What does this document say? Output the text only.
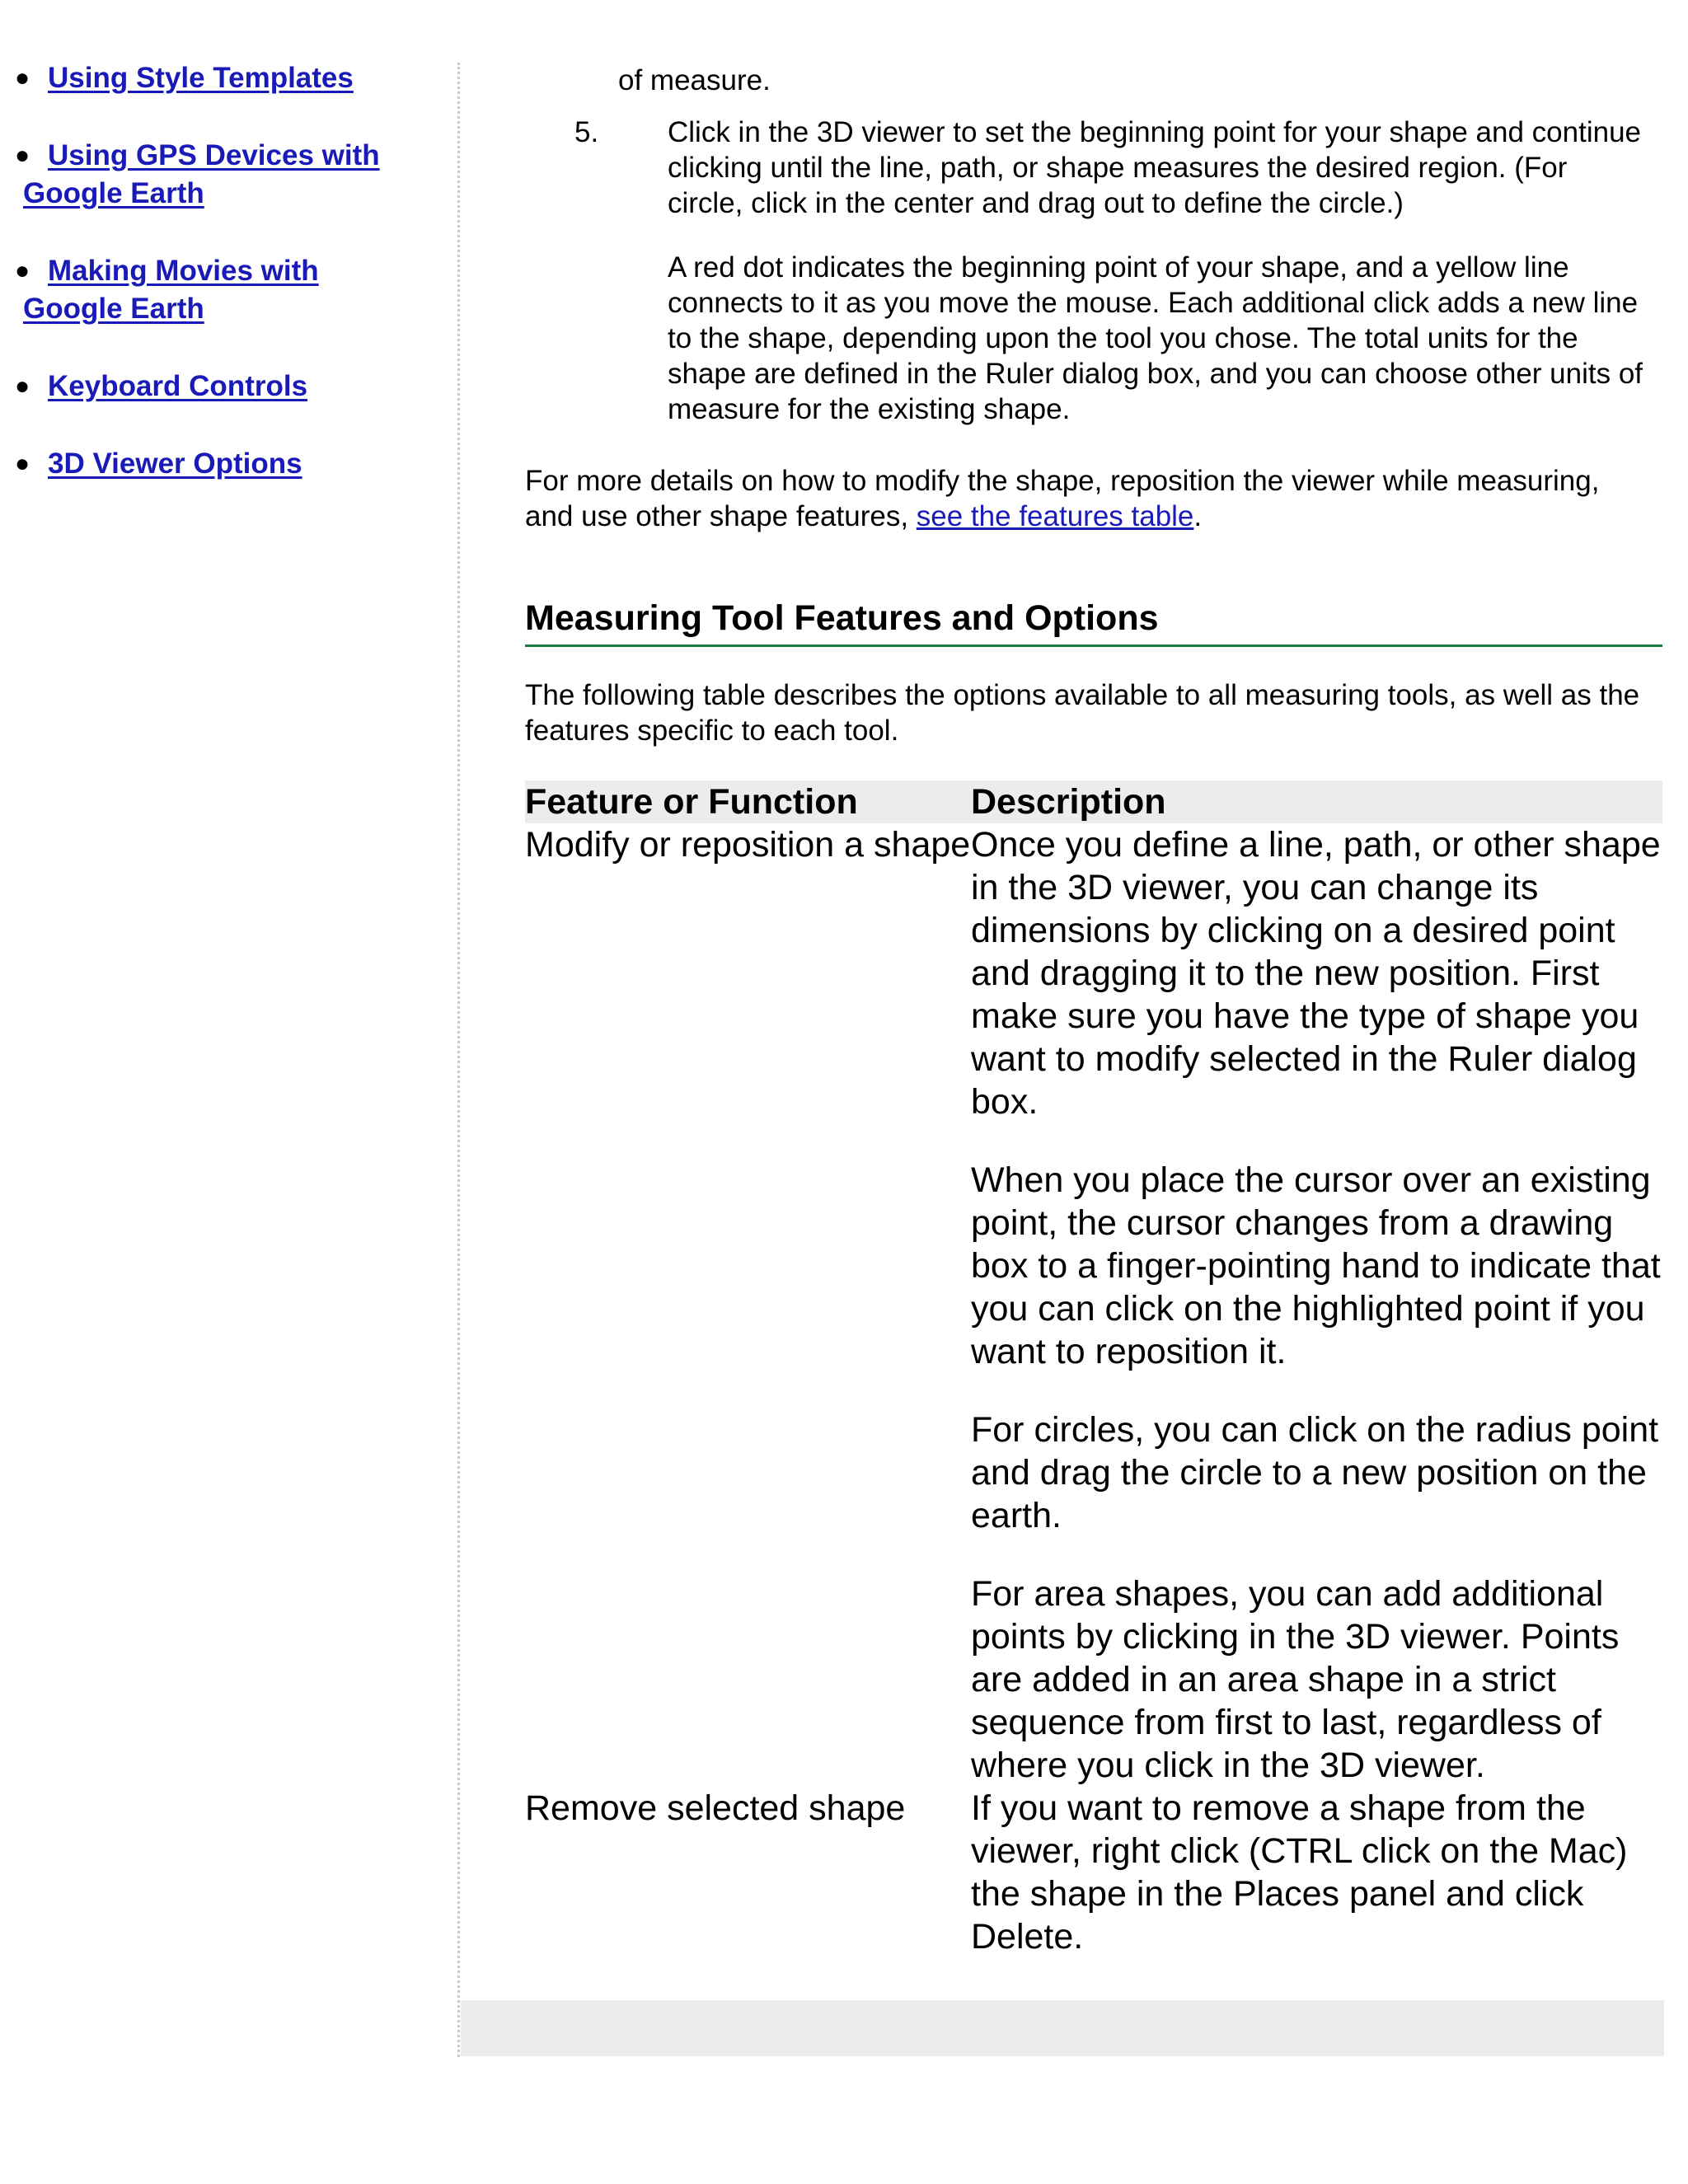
● Using Style Templates
● Using GPS Devices with
Google Earth
● Making Movies with
Google Earth
● Keyboard Controls
● 3D Viewer Options
of measure.
5. Click in the 3D viewer to set the beginning point for your shape and continue clicking until the line, path, or shape measures the desired region. (For circle, click in the center and drag out to define the circle.)

A red dot indicates the beginning point of your shape, and a yellow line connects to it as you move the mouse. Each additional click adds a new line to the shape, depending upon the tool you chose. The total units for the shape are defined in the Ruler dialog box, and you can choose other units of measure for the existing shape.

For more details on how to modify the shape, reposition the viewer while measuring, and use other shape features, see the features table.
Measuring Tool Features and Options
The following table describes the options available to all measuring tools, as well as the features specific to each tool.
Feature or Function	Description
Modify or reposition a shape	Once you define a line, path, or other shape in the 3D viewer, you can change its dimensions by clicking on a desired point and dragging it to the new position. First make sure you have the type of shape you want to modify selected in the Ruler dialog box.

When you place the cursor over an existing point, the cursor changes from a drawing box to a finger-pointing hand to indicate that you can click on the highlighted point if you want to reposition it.

For circles, you can click on the radius point and drag the circle to a new position on the earth.

For area shapes, you can add additional points by clicking in the 3D viewer. Points are added in an area shape in a strict sequence from first to last, regardless of where you click in the 3D viewer.

Remove selected shape	If you want to remove a shape from the viewer, right click (CTRL click on the Mac) the shape in the Places panel and click Delete.
